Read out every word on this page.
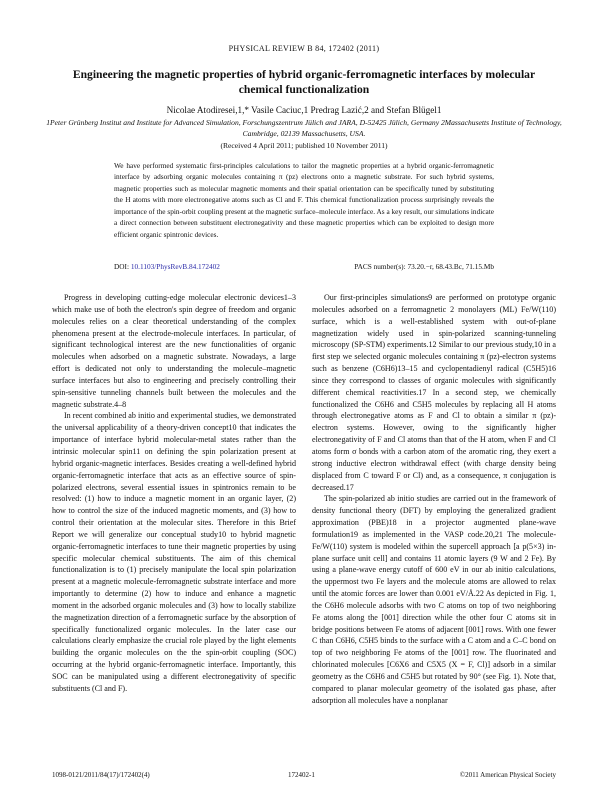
PHYSICAL REVIEW B 84, 172402 (2011)
Engineering the magnetic properties of hybrid organic-ferromagnetic interfaces by molecular chemical functionalization
Nicolae Atodiresei,1,* Vasile Caciuc,1 Predrag Lazić,2 and Stefan Blügel1
1Peter Grünberg Institut and Institute for Advanced Simulation, Forschungszentrum Jülich and JARA, D-52425 Jülich, Germany 2Massachusetts Institute of Technology, Cambridge, 02139 Massachusetts, USA.
(Received 4 April 2011; published 10 November 2011)
We have performed systematic first-principles calculations to tailor the magnetic properties at a hybrid organic-ferromagnetic interface by adsorbing organic molecules containing π (pz) electrons onto a magnetic substrate. For such hybrid systems, magnetic properties such as molecular magnetic moments and their spatial orientation can be specifically tuned by substituting the H atoms with more electronegative atoms such as Cl and F. This chemical functionalization process surprisingly reveals the importance of the spin-orbit coupling present at the magnetic surface–molecule interface. As a key result, our simulations indicate a direct connection between substituent electronegativity and these magnetic properties which can be exploited to design more efficient organic spintronic devices.
DOI: 10.1103/PhysRevB.84.172402	PACS number(s): 73.20.−r, 68.43.Bc, 71.15.Mb

Progress in developing cutting-edge molecular electronic devices1–3 which make use of both the electron's spin degree of freedom and organic molecules relies on a clear theoretical understanding of the complex phenomena present at the electrode-molecule interfaces. In particular, of significant technological interest are the new functionalities of organic molecules when adsorbed on a magnetic substrate. Nowadays, a large effort is dedicated not only to understanding the molecule–magnetic surface interfaces but also to engineering and precisely controlling their spin-sensitive tunneling channels built between the molecules and the magnetic substrate.4–8

In recent combined ab initio and experimental studies, we demonstrated the universal applicability of a theory-driven concept10 that indicates the importance of interface hybrid molecular-metal states rather than the intrinsic molecular spin11 on defining the spin polarization present at hybrid organic-magnetic interfaces. Besides creating a well-defined hybrid organic-ferromagnetic interface that acts as an effective source of spin-polarized electrons, several essential issues in spintronics remain to be resolved: (1) how to induce a magnetic moment in an organic layer, (2) how to control the size of the induced magnetic moments, and (3) how to control their orientation at the molecular sites. Therefore in this Brief Report we will generalize our conceptual study10 to hybrid magnetic organic-ferromagnetic interfaces to tune their magnetic properties by using specific molecular chemical substituents. The aim of this chemical functionalization is to (1) precisely manipulate the local spin polarization present at a magnetic molecule-ferromagnetic substrate interface and more importantly to determine (2) how to induce and enhance a magnetic moment in the adsorbed organic molecules and (3) how to locally stabilize the magnetization direction of a ferromagnetic surface by the absorption of specifically functionalized organic molecules. In the later case our calculations clearly emphasize the crucial role played by the light elements building the organic molecules on the the spin-orbit coupling (SOC) occurring at the hybrid organic-ferromagnetic interface. Importantly, this SOC can be manipulated using a different electronegativity of specific substituents (Cl and F).

Our first-principles simulations9 are performed on prototype organic molecules adsorbed on a ferromagnetic 2 monolayers (ML) Fe/W(110) surface, which is a well-established system with out-of-plane magnetization widely used in spin-polarized scanning-tunneling microscopy (SP-STM) experiments.12 Similar to our previous study,10 in a first step we selected organic molecules containing π (pz)-electron systems such as benzene (C6H6)13–15 and cyclopentadienyl radical (C5H5)16 since they correspond to classes of organic molecules with significantly different chemical reactivities.17 In a second step, we chemically functionalized the C6H6 and C5H5 molecules by replacing all H atoms through electronegative atoms as F and Cl to obtain a similar π (pz)-electron systems. However, owing to the significantly higher electronegativity of F and Cl atoms than that of the H atom, when F and Cl atoms form σ bonds with a carbon atom of the aromatic ring, they exert a strong inductive electron withdrawal effect (with charge density being displaced from C toward F or Cl) and, as a consequence, π conjugation is decreased.17

The spin-polarized ab initio studies are carried out in the framework of density functional theory (DFT) by employing the generalized gradient approximation (PBE)18 in a projector augmented plane-wave formulation19 as implemented in the VASP code.20,21 The molecule-Fe/W(110) system is modeled within the supercell approach [a p(5×3) in-plane surface unit cell] and contains 11 atomic layers (9 W and 2 Fe). By using a plane-wave energy cutoff of 600 eV in our ab initio calculations, the uppermost two Fe layers and the molecule atoms are allowed to relax until the atomic forces are lower than 0.001 eV/Å.22 As depicted in Fig. 1, the C6H6 molecule adsorbs with two C atoms on top of two neighboring Fe atoms along the [001] direction while the other four C atoms sit in bridge positions between Fe atoms of adjacent [001] rows. With one fewer C than C6H6, C5H5 binds to the surface with a C atom and a C–C bond on top of two neighboring Fe atoms of the [001] row. The fluorinated and chlorinated molecules [C6X6 and C5X5 (X = F, Cl)] adsorb in a similar geometry as the C6H6 and C5H5 but rotated by 90° (see Fig. 1). Note that, compared to planar molecular geometry of the isolated gas phase, after adsorption all molecules have a nonplanar

1098-0121/2011/84(17)/172402(4)	172402-1	©2011 American Physical Society
